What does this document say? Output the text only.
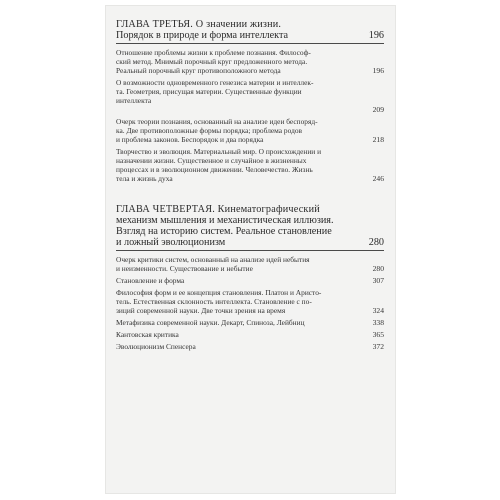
ГЛАВА ТРЕТЬЯ. О значении жизни.
Порядок в природе и форма интеллекта	196
Отношение проблемы жизни к проблеме познания. Философ-
ский метод. Мнимый порочный круг предложенного метода.
Реальный порочный круг противоположного метода	196
О возможности одновременного генезиса материи и интеллек-
та. Геометрия, присущая материи. Существенные функции
интеллекта
209
Очерк теории познания, основанный на анализе идеи беспоряд-
ка. Две противоположные формы порядка; проблема родов
и проблема законов. Беспорядок и два порядка	218
Творчество и эволюция. Материальный мир. О происхождении и
назначении жизни. Существенное и случайное в жизненных
процессах и в эволюционном движении. Человечество. Жизнь
тела и жизнь духа	246
ГЛАВА ЧЕТВЕРТАЯ. Кинематографический
механизм мышления и механистическая иллюзия.
Взгляд на историю систем. Реальное становление
и ложный эволюционизм	280
Очерк критики систем, основанный на анализе идей небытия
и неизменности. Существование и небытие	280
Становление и форма	307
Философия форм и ее концепция становления. Платон и Аристо-
тель. Естественная склонность интеллекта. Становление с по-
зиций современной науки. Две точки зрения на время	324
Метафизика современной науки. Декарт, Спиноза, Лейбниц	338
Кантовская критика	365
Эволюционизм Спенсера	372
